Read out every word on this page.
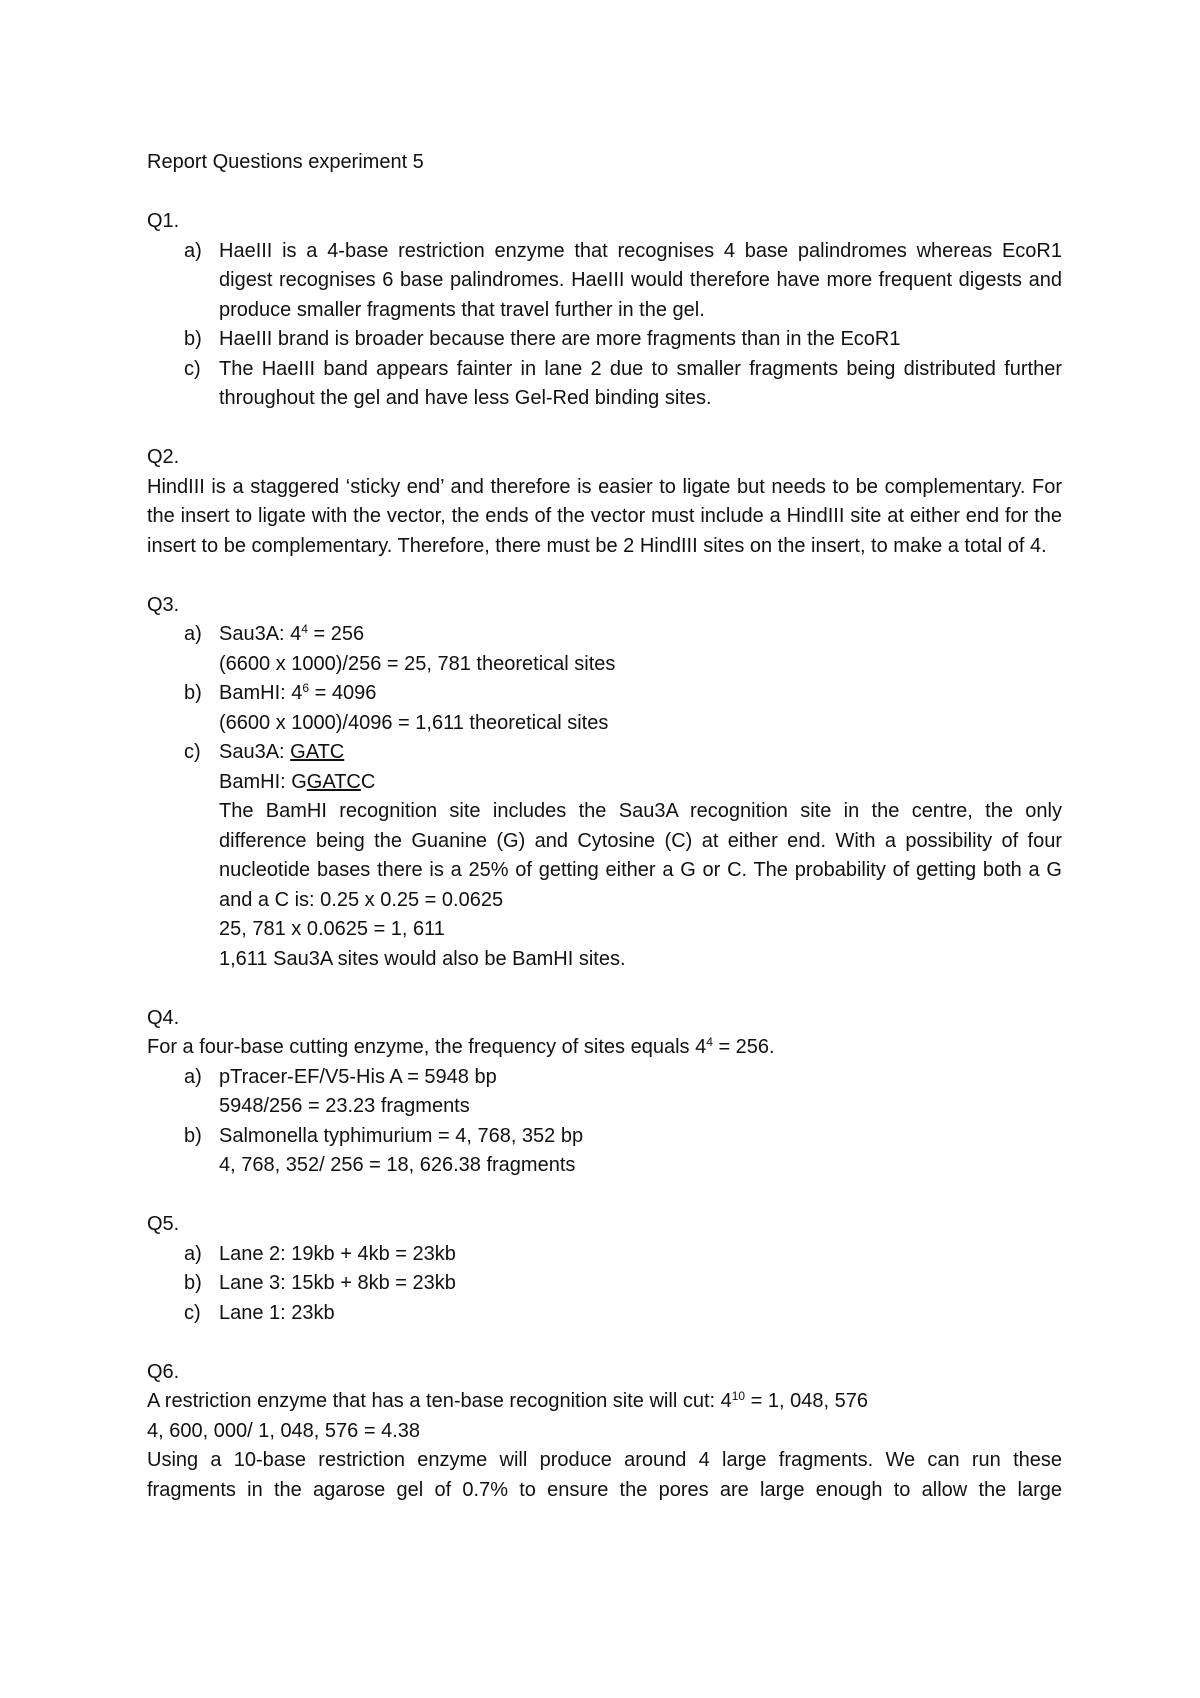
Report Questions experiment 5

Q1.

a) HaeIII is a 4-base restriction enzyme that recognises 4 base palindromes whereas EcoR1 digest recognises 6 base palindromes. HaeIII would therefore have more frequent digests and produce smaller fragments that travel further in the gel.
b) HaeIII brand is broader because there are more fragments than in the EcoR1
c) The HaeIII band appears fainter in lane 2 due to smaller fragments being distributed further throughout the gel and have less Gel-Red binding sites.

Q2.

HindIII is a staggered ‘sticky end’ and therefore is easier to ligate but needs to be complementary. For the insert to ligate with the vector, the ends of the vector must include a HindIII site at either end for the insert to be complementary. Therefore, there must be 2 HindIII sites on the insert, to make a total of 4.

Q3.

a) Sau3A: $4^4 = 256$

(6600 x 1000)/256 = 25, 781 theoretical sites

b) BamHI: $4^6 = 4096$

(6600 x 1000)/4096 = 1,611 theoretical sites

c) Sau3A: GATC

BamHI: GGATCC

The BamHI recognition site includes the Sau3A recognition site in the centre, the only difference being the Guanine (G) and Cytosine (C) at either end. With a possibility of four nucleotide bases there is a 25% of getting either a G or C. The probability of getting both a G and a C is: 0.25 x 0.25 = 0.0625

25, 781 x 0.0625 = 1, 611

1,611 Sau3A sites would also be BamHI sites.

Q4.

For a four-base cutting enzyme, the frequency of sites equals $4^4 = 256$.

a) pTracer-EF/V5-His A = 5948 bp

5948/256 = 23.23 fragments

b) Salmonella typhimurium = 4, 768, 352 bp

4, 768, 352/ 256 = 18, 626.38 fragments

Q5.

a) Lane 2: 19kb + 4kb = 23kb
b) Lane 3: 15kb + 8kb = 23kb
c) Lane 1: 23kb

Q6.

A restriction enzyme that has a ten-base recognition site will cut: $4^{10} = 1$, 048, 576

4, 600, 000/ 1, 048, 576 = 4.38

Using a 10-base restriction enzyme will produce around 4 large fragments. We can run these fragments in the agarose gel of 0.7% to ensure the pores are large enough to allow the large
